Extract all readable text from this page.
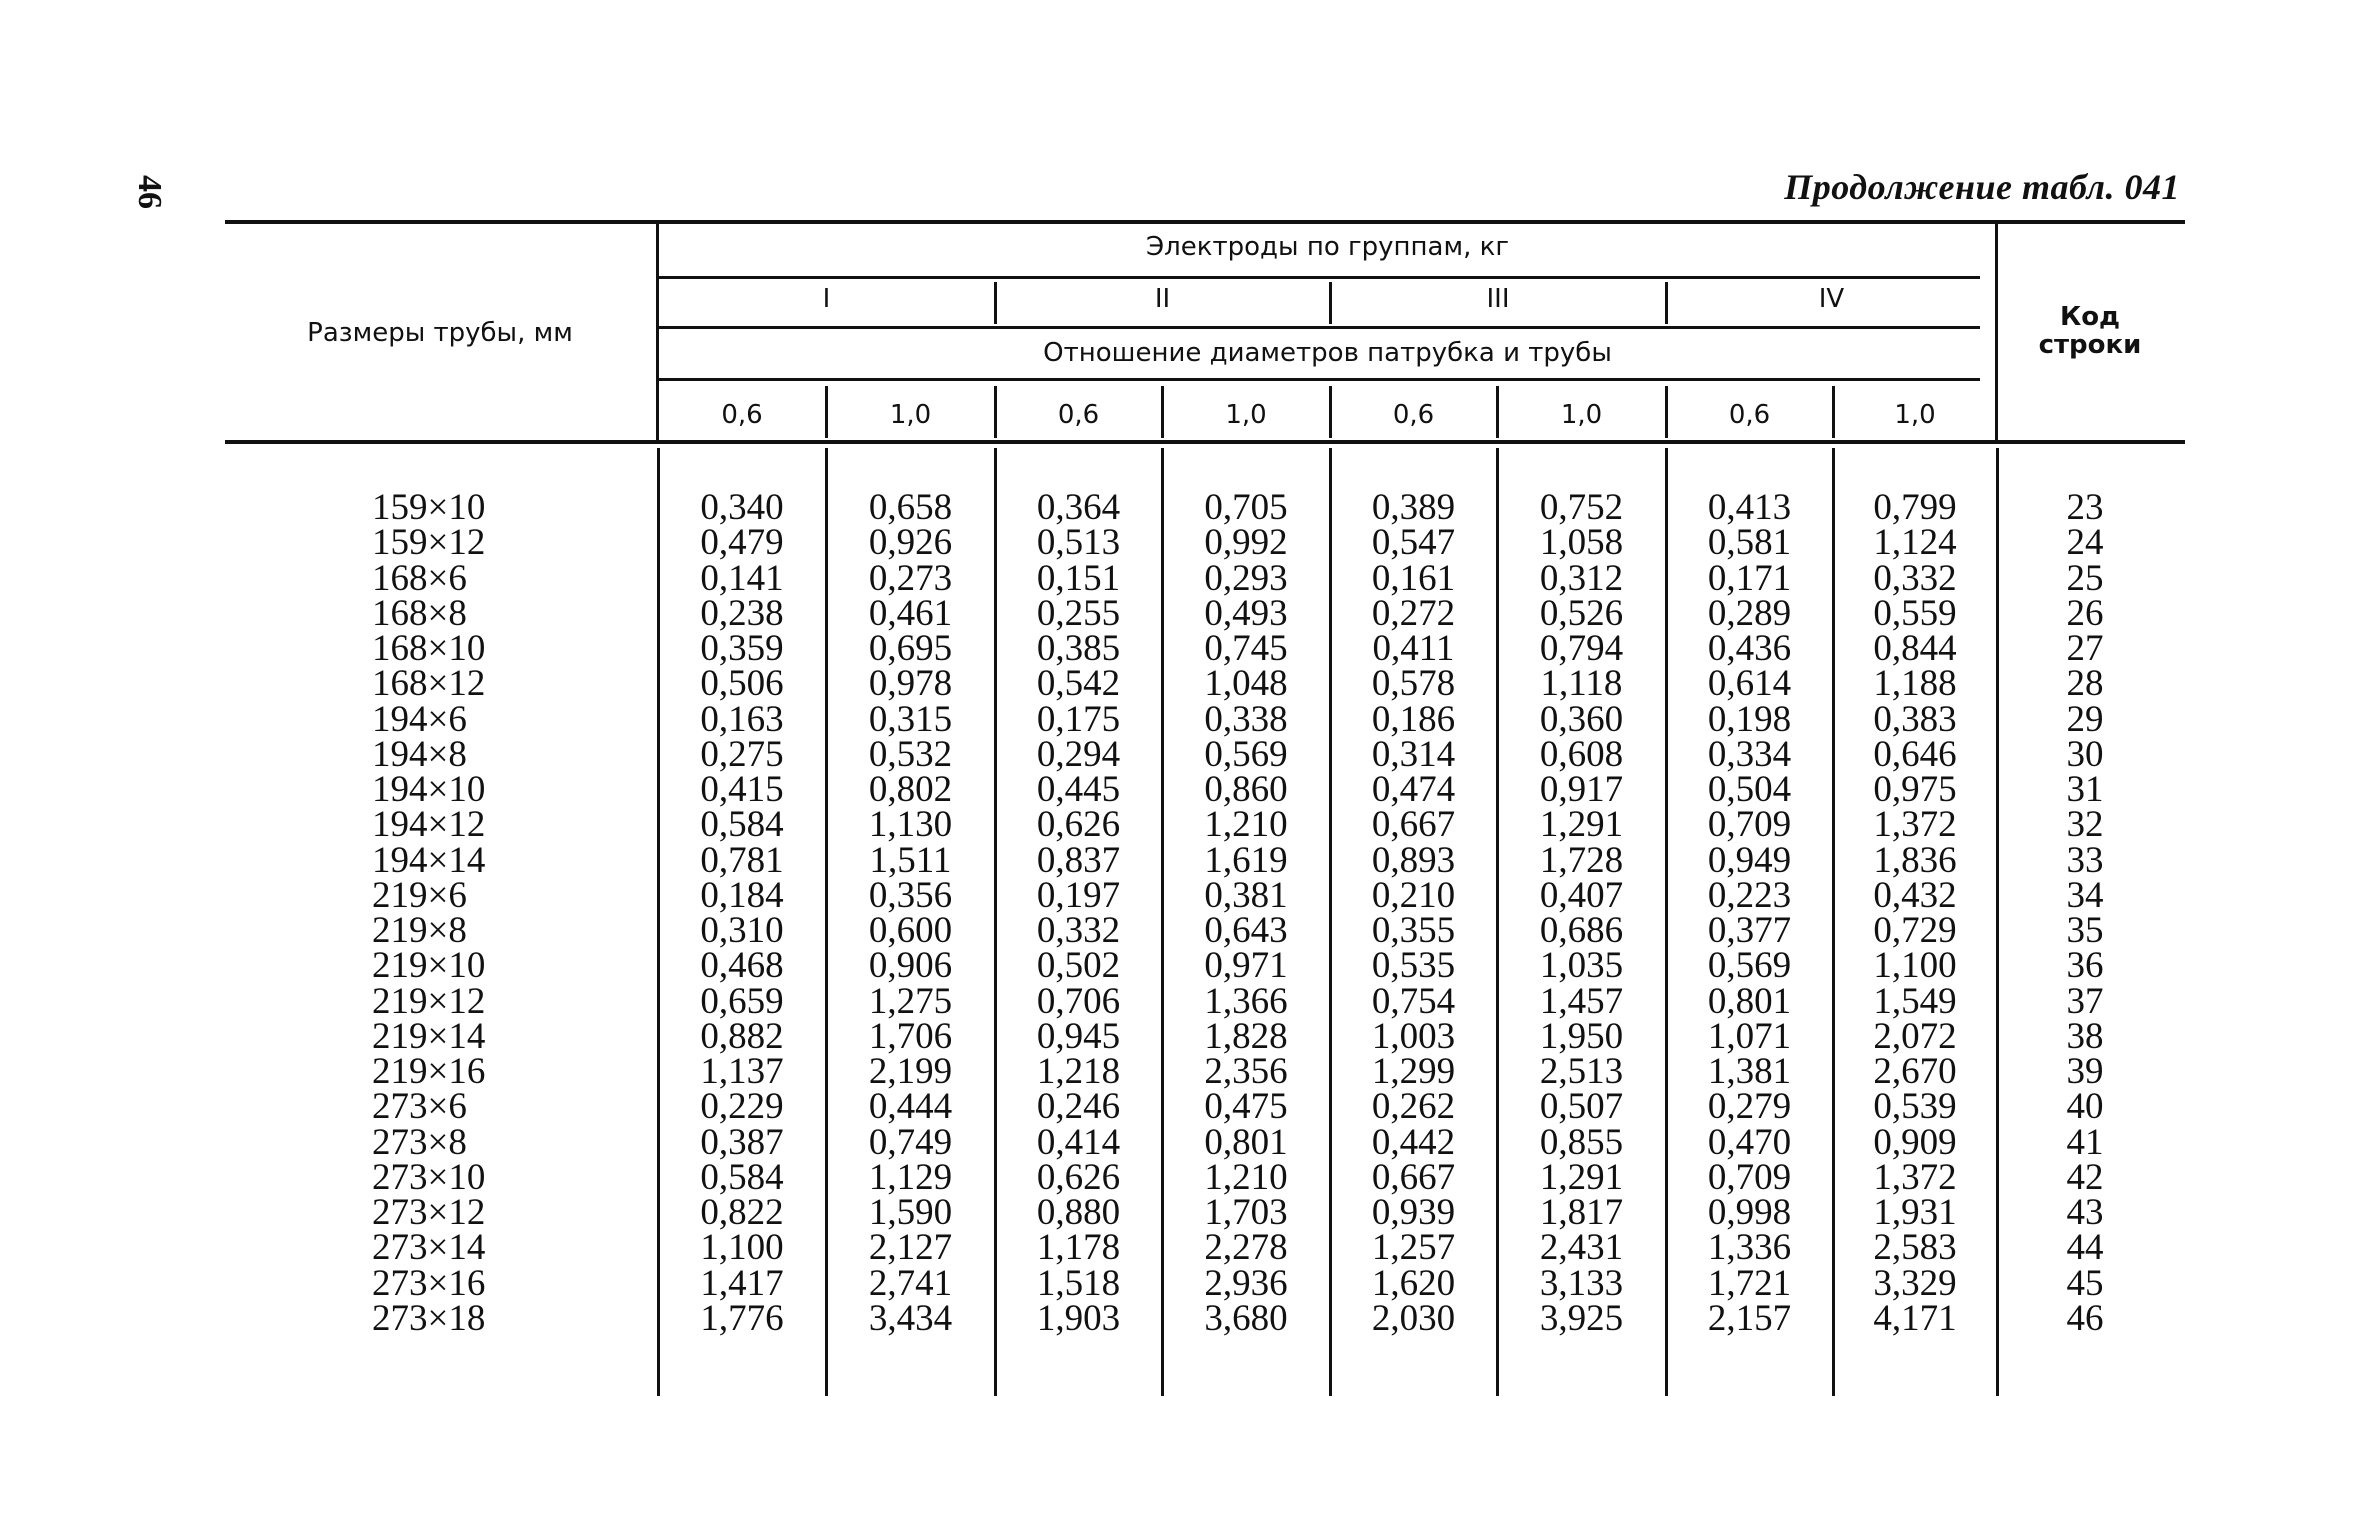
46	Продолжение табл. 041
Размеры трубы, мм
Электроды по группам, кг
I	II	III	IV
Отношение диаметров патрубка и трубы
0,6	1,0	0,6	1,0	0,6	1,0	0,6	1,0
Код
строки
159×10	0,340	0,658	0,364	0,705	0,389	0,752	0,413	0,799	23
159×12	0,479	0,926	0,513	0,992	0,547	1,058	0,581	1,124	24
168×6	0,141	0,273	0,151	0,293	0,161	0,312	0,171	0,332	25
168×8	0,238	0,461	0,255	0,493	0,272	0,526	0,289	0,559	26
168×10	0,359	0,695	0,385	0,745	0,411	0,794	0,436	0,844	27
168×12	0,506	0,978	0,542	1,048	0,578	1,118	0,614	1,188	28
194×6	0,163	0,315	0,175	0,338	0,186	0,360	0,198	0,383	29
194×8	0,275	0,532	0,294	0,569	0,314	0,608	0,334	0,646	30
194×10	0,415	0,802	0,445	0,860	0,474	0,917	0,504	0,975	31
194×12	0,584	1,130	0,626	1,210	0,667	1,291	0,709	1,372	32
194×14	0,781	1,511	0,837	1,619	0,893	1,728	0,949	1,836	33
219×6	0,184	0,356	0,197	0,381	0,210	0,407	0,223	0,432	34
219×8	0,310	0,600	0,332	0,643	0,355	0,686	0,377	0,729	35
219×10	0,468	0,906	0,502	0,971	0,535	1,035	0,569	1,100	36
219×12	0,659	1,275	0,706	1,366	0,754	1,457	0,801	1,549	37
219×14	0,882	1,706	0,945	1,828	1,003	1,950	1,071	2,072	38
219×16	1,137	2,199	1,218	2,356	1,299	2,513	1,381	2,670	39
273×6	0,229	0,444	0,246	0,475	0,262	0,507	0,279	0,539	40
273×8	0,387	0,749	0,414	0,801	0,442	0,855	0,470	0,909	41
273×10	0,584	1,129	0,626	1,210	0,667	1,291	0,709	1,372	42
273×12	0,822	1,590	0,880	1,703	0,939	1,817	0,998	1,931	43
273×14	1,100	2,127	1,178	2,278	1,257	2,431	1,336	2,583	44
273×16	1,417	2,741	1,518	2,936	1,620	3,133	1,721	3,329	45
273×18	1,776	3,434	1,903	3,680	2,030	3,925	2,157	4,171	46
